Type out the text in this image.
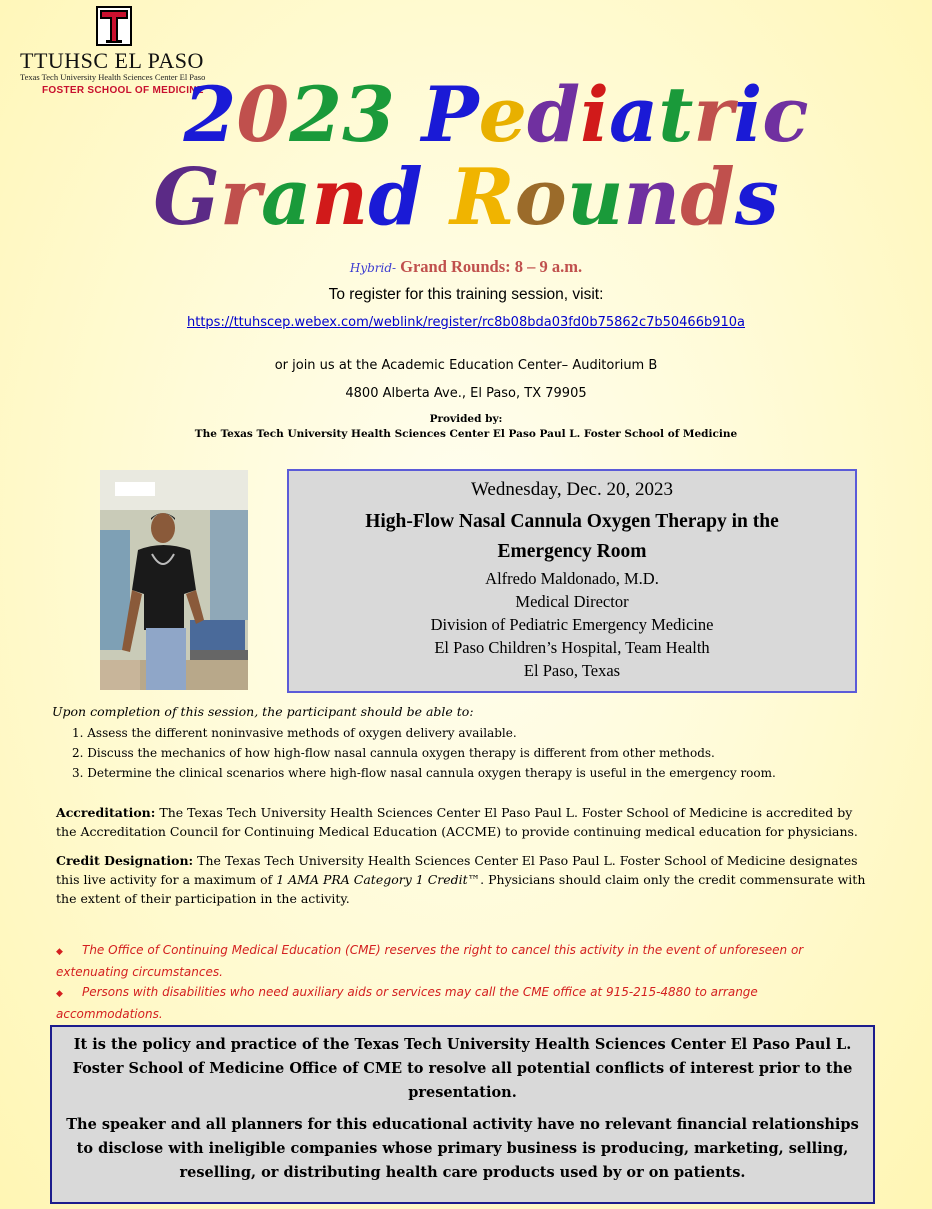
TTUHSC EL PASO
Texas Tech University Health Sciences Center El Paso
FOSTER SCHOOL OF MEDICINE
2023 Pediatric
Grand Rounds
Hybrid- Grand Rounds: 8 – 9 a.m.
To register for this training session, visit:
https://ttuhscep.webex.com/weblink/register/rc8b08bda03fd0b75862c7b50466b910a
or join us at the Academic Education Center– Auditorium B
4800 Alberta Ave., El Paso, TX 79905
Provided by:
The Texas Tech University Health Sciences Center El Paso Paul L. Foster School of Medicine
Wednesday, Dec. 20, 2023
High-Flow Nasal Cannula Oxygen Therapy in the Emergency Room
Alfredo Maldonado, M.D.
Medical Director
Division of Pediatric Emergency Medicine
El Paso Children’s Hospital, Team Health
El Paso, Texas
Upon completion of this session, the participant should be able to:
1. Assess the different noninvasive methods of oxygen delivery available.
2. Discuss the mechanics of how high-flow nasal cannula oxygen therapy is different from other methods.
3. Determine the clinical scenarios where high-flow nasal cannula oxygen therapy is useful in the emergency room.
Accreditation: The Texas Tech University Health Sciences Center El Paso Paul L. Foster School of Medicine is accredited by the Accreditation Council for Continuing Medical Education (ACCME) to provide continuing medical education for physicians.
Credit Designation: The Texas Tech University Health Sciences Center El Paso Paul L. Foster School of Medicine designates this live activity for a maximum of 1 AMA PRA Category 1 Credit™. Physicians should claim only the credit commensurate with the extent of their participation in the activity.
◆ The Office of Continuing Medical Education (CME) reserves the right to cancel this activity in the event of unforeseen or extenuating circumstances.
◆ Persons with disabilities who need auxiliary aids or services may call the CME office at 915-215-4880 to arrange accommodations.
It is the policy and practice of the Texas Tech University Health Sciences Center El Paso Paul L. Foster School of Medicine Office of CME to resolve all potential conflicts of interest prior to the presentation.
The speaker and all planners for this educational activity have no relevant financial relationships to disclose with ineligible companies whose primary business is producing, marketing, selling, reselling, or distributing health care products used by or on patients.
